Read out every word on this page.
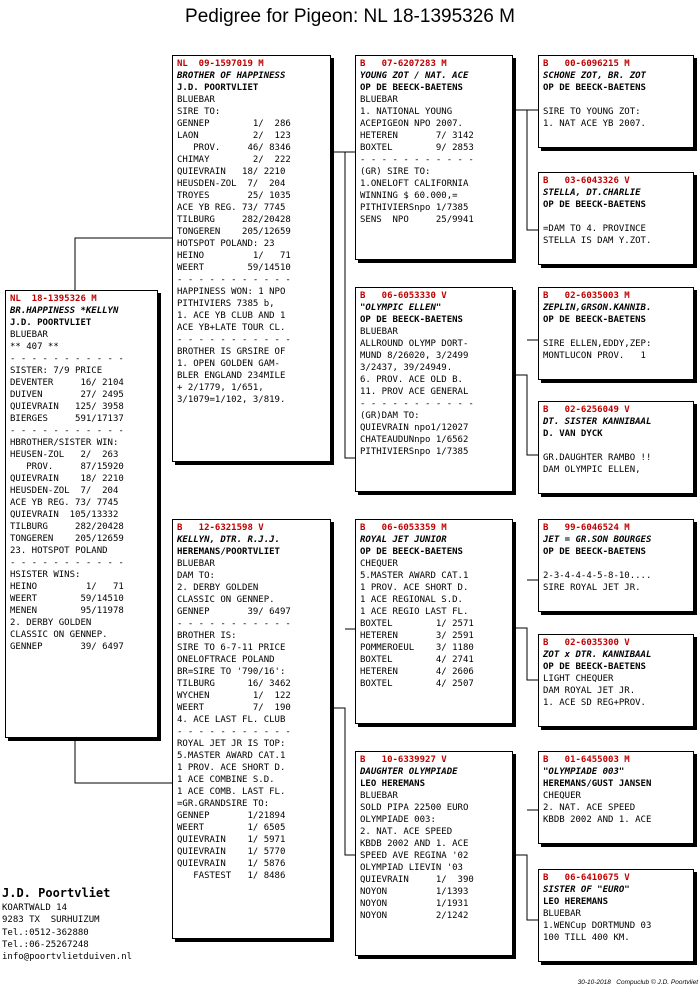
Pedigree for Pigeon: NL 18-1395326 M
NL  18-1395326 M
BR.HAPPINESS *KELLYN
J.D. POORTVLIET
BLUEBAR
** 407 **
- - - - - - - - - - -
SISTER: 7/9 PRICE
DEVENTER     16/ 2104
DUIVEN       27/ 2495
QUIEVRAIN   125/ 3958
BIERGES     591/17137
- - - - - - - - - - -
HBROTHER/SISTER WIN:
HEUSEN-ZOL   2/  263
PROV.     87/15920
QUIEVRAIN    18/ 2210
HEUSDEN-ZOL  7/  204
ACE YB REG. 73/ 7745
QUIEVRAIN  105/13332
TILBURG     282/20428
TONGEREN    205/12659
23. HOTSPOT POLAND
- - - - - - - - - - -
HSISTER WINS:
HEINO         1/   71
WEERT        59/14510
MENEN        95/11978
2. DERBY GOLDEN
CLASSIC ON GENNEP.
GENNEP       39/ 6497
NL  09-1597019 M
BROTHER OF HAPPINESS
J.D. POORTVLIET
BLUEBAR
SIRE TO:
GENNEP        1/  286
LAON          2/  123
PROV.     46/ 8346
CHIMAY        2/  222
QUIEVRAIN   18/ 2210
HEUSDEN-ZOL  7/  204
TROYES       25/ 1035
ACE YB REG. 73/ 7745
TILBURG     282/20428
TONGEREN    205/12659
HOTSPOT POLAND: 23
HEINO         1/   71
WEERT        59/14510
- - - - - - - - - - -
HAPPINESS WON: 1 NPO
PITHIVIERS 7385 b,
1. ACE YB CLUB AND 1
ACE YB+LATE TOUR CL.
- - - - - - - - - - -
BROTHER IS GRSIRE OF
1. OPEN GOLDEN GAM-
BLER ENGLAND 234MILE
+ 2/1779, 1/651,
3/1079=1/102, 3/819.
B   12-6321598 V
KELLYN, DTR. R.J.J.
HEREMANS/POORTVLIET
BLUEBAR
DAM TO:
2. DERBY GOLDEN
CLASSIC ON GENNEP.
GENNEP       39/ 6497
- - - - - - - - - - -
BROTHER IS:
SIRE TO 6-7-11 PRICE
ONELOFTRACE POLAND
BR=SIRE TO '790/16':
TILBURG      16/ 3462
WYCHEN        1/  122
WEERT         7/  190
4. ACE LAST FL. CLUB
- - - - - - - - - - -
ROYAL JET JR IS TOP:
5.MASTER AWARD CAT.1
1 PROV. ACE SHORT D.
1 ACE COMBINE S.D.
1 ACE COMB. LAST FL.
=GR.GRANDSIRE TO:
GENNEP       1/21894
WEERT        1/ 6505
QUIEVRAIN    1/ 5971
QUIEVRAIN    1/ 5770
QUIEVRAIN    1/ 5876
FASTEST   1/ 8486
B   07-6207283 M
YOUNG ZOT / NAT. ACE
OP DE BEECK-BAETENS
BLUEBAR
1. NATIONAL YOUNG
ACEPIGEON NPO 2007.
HETEREN       7/ 3142
BOXTEL        9/ 2853
- - - - - - - - - - -
(GR) SIRE TO:
1.ONELOFT CALIFORNIA
WINNING $ 60.000,=
PITHIVIERSnpo 1/7385
SENS  NPO     25/9941
B   06-6053330 V
"OLYMPIC ELLEN"
OP DE BEECK-BAETENS
BLUEBAR
ALLROUND OLYMP DORT-
MUND 8/26020, 3/2499
3/2437, 39/24949.
6. PROV. ACE OLD B.
11. PROV ACE GENERAL
- - - - - - - - - - -
(GR)DAM TO:
QUIEVRAIN npo1/12027
CHATEAUDUNnpo 1/6562
PITHIVIERSnpo 1/7385
B   06-6053359 M
ROYAL JET JUNIOR
OP DE BEECK-BAETENS
CHEQUER
5.MASTER AWARD CAT.1
1 PROV. ACE SHORT D.
1 ACE REGIONAL S.D.
1 ACE REGIO LAST FL.
BOXTEL        1/ 2571
HETEREN       3/ 2591
POMMEROEUL    3/ 1180
BOXTEL        4/ 2741
HETEREN       4/ 2606
BOXTEL        4/ 2507
B   10-6339927 V
DAUGHTER OLYMPIADE
LEO HEREMANS
BLUEBAR
SOLD PIPA 22500 EURO
OLYMPIADE 003:
2. NAT. ACE SPEED
KBDB 2002 AND 1. ACE
SPEED AVE REGINA '02
OLYMPIAD LIEVIN '03
QUIEVRAIN     1/  390
NOYON         1/1393
NOYON         1/1931
NOYON         2/1242
B   00-6096215 M
SCHONE ZOT, BR. ZOT
OP DE BEECK-BAETENS

SIRE TO YOUNG ZOT:
1. NAT ACE YB 2007.
B   03-6043326 V
STELLA, DT.CHARLIE
OP DE BEECK-BAETENS

=DAM TO 4. PROVINCE
STELLA IS DAM Y.ZOT.
B   02-6035003 M
ZEPLIN,GRSON.KANNIB.
OP DE BEECK-BAETENS

SIRE ELLEN,EDDY,ZEP:
MONTLUCON PROV.   1
B   02-6256049 V
DT. SISTER KANNIBAAL
D. VAN DYCK

GR.DAUGHTER RAMBO !!
DAM OLYMPIC ELLEN,
B   99-6046524 M
JET = GR.SON BOURGES
OP DE BEECK-BAETENS

2-3-4-4-4-5-8-10....
SIRE ROYAL JET JR.
B   02-6035300 V
ZOT x DTR. KANNIBAAL
OP DE BEECK-BAETENS
LIGHT CHEQUER
DAM ROYAL JET JR.
1. ACE SD REG+PROV.
B   01-6455003 M
"OLYMPIADE 003"
HEREMANS/GUST JANSEN
CHEQUER
2. NAT. ACE SPEED
KBDB 2002 AND 1. ACE
B   06-6410675 V
SISTER OF "EURO"
LEO HEREMANS
BLUEBAR
1.WENCup DORTMUND 03
100 TILL 400 KM.
J.D. Poortvliet
KOARTWALD 14
9283 TX  SURHUIZUM
Tel.:0512-362880
Tel.:06-25267248
info@poortvlietduiven.nl
30-10-2018   Compuclub © J.D. Poortvliet
